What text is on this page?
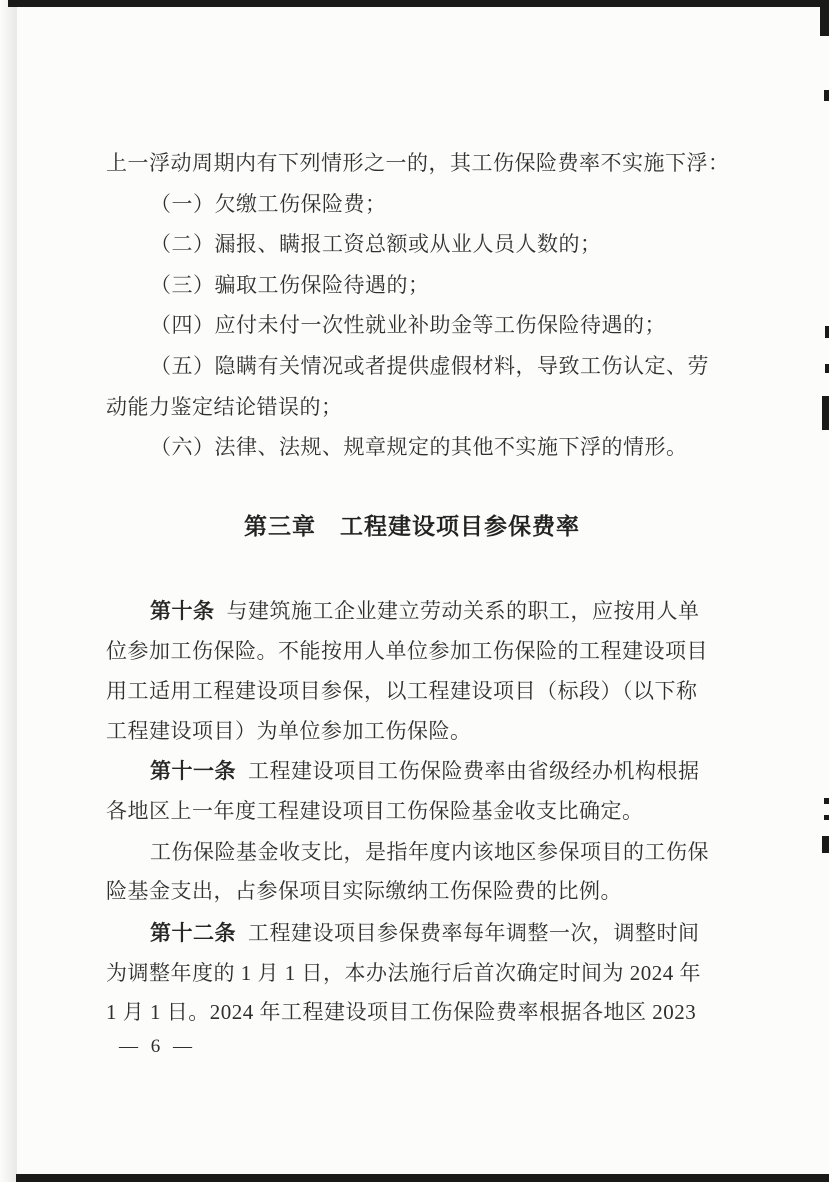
上一浮动周期内有下列情形之一的，其工伤保险费率不实施下浮：
（一）欠缴工伤保险费；
（二）漏报、瞒报工资总额或从业人员人数的；
（三）骗取工伤保险待遇的；
（四）应付未付一次性就业补助金等工伤保险待遇的；
（五）隐瞒有关情况或者提供虚假材料，导致工伤认定、劳
动能力鉴定结论错误的；
（六）法律、法规、规章规定的其他不实施下浮的情形。
第三章 工程建设项目参保费率
第十条 与建筑施工企业建立劳动关系的职工，应按用人单
位参加工伤保险。不能按用人单位参加工伤保险的工程建设项目
用工适用工程建设项目参保，以工程建设项目（标段）（以下称
工程建设项目）为单位参加工伤保险。
第十一条 工程建设项目工伤保险费率由省级经办机构根据
各地区上一年度工程建设项目工伤保险基金收支比确定。
工伤保险基金收支比，是指年度内该地区参保项目的工伤保
险基金支出，占参保项目实际缴纳工伤保险费的比例。
第十二条 工程建设项目参保费率每年调整一次，调整时间
为调整年度的 1 月 1 日，本办法施行后首次确定时间为 2024 年
1 月 1 日。2024 年工程建设项目工伤保险费率根据各地区 2023
— 6 —
